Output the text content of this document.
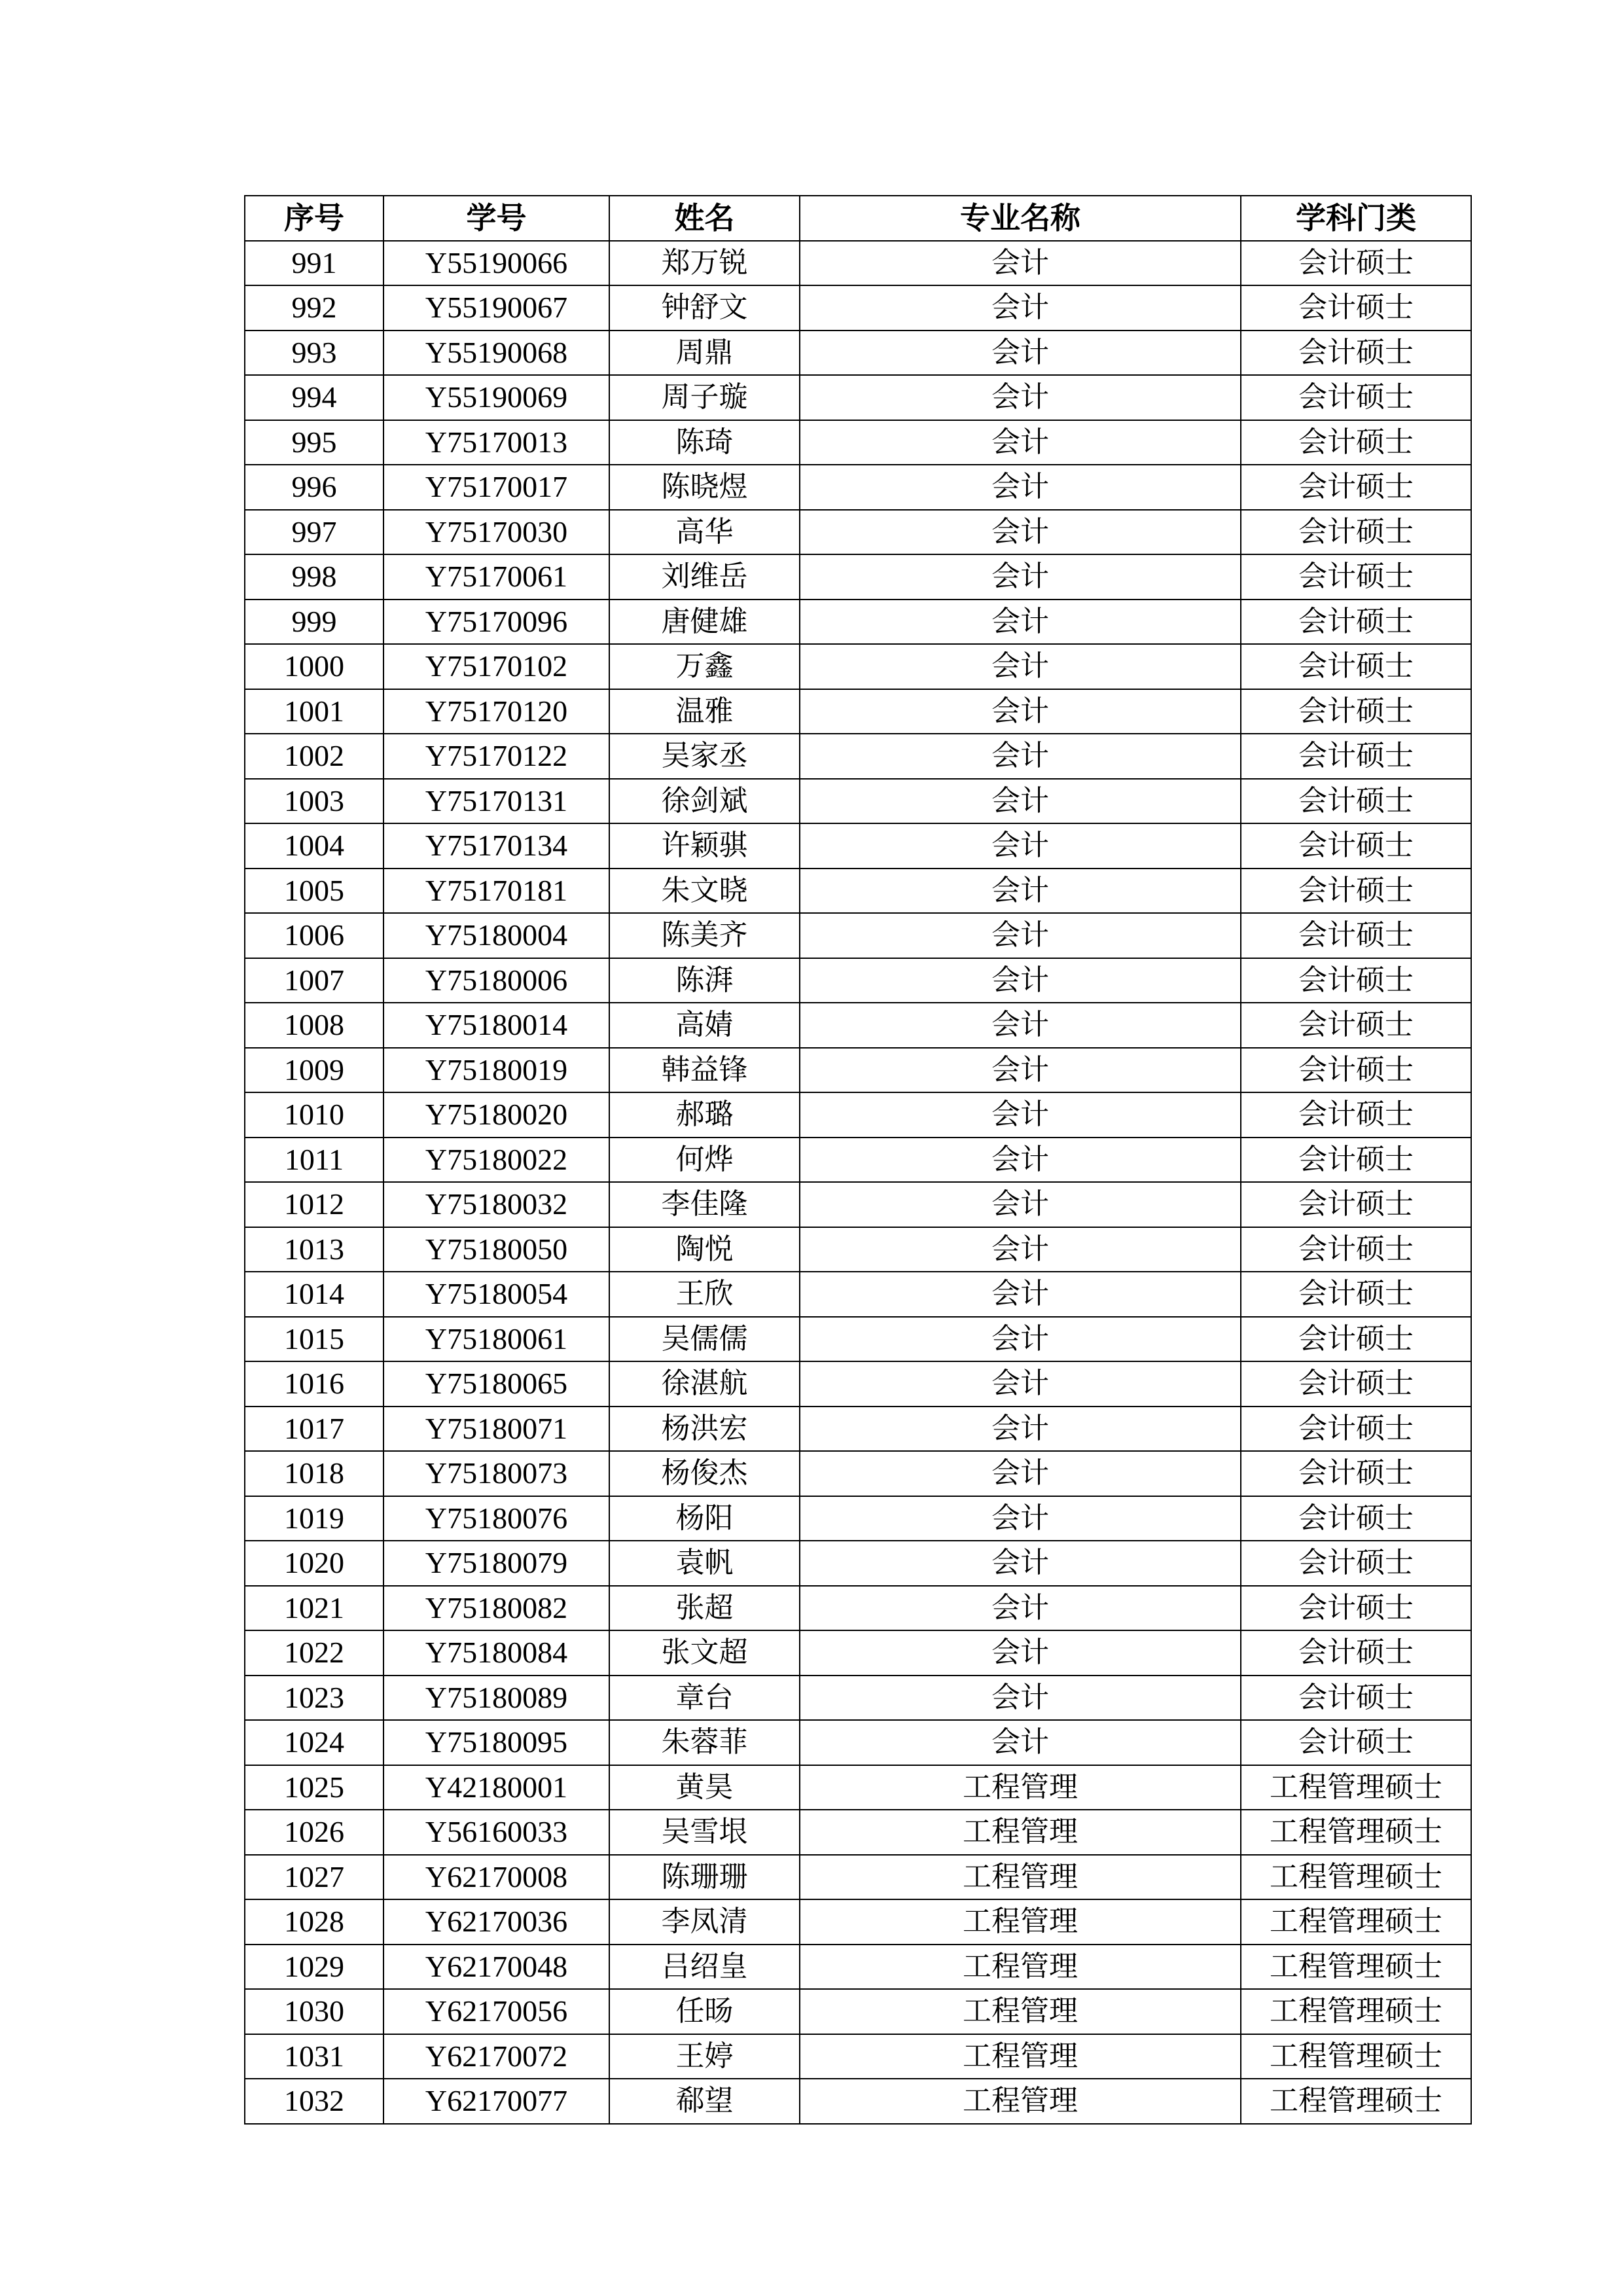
序号	学号	姓名	专业名称	学科门类
991	Y55190066	郑万锐	会计	会计硕士
992	Y55190067	钟舒文	会计	会计硕士
993	Y55190068	周鼎	会计	会计硕士
994	Y55190069	周子璇	会计	会计硕士
995	Y75170013	陈琦	会计	会计硕士
996	Y75170017	陈晓煜	会计	会计硕士
997	Y75170030	高华	会计	会计硕士
998	Y75170061	刘维岳	会计	会计硕士
999	Y75170096	唐健雄	会计	会计硕士
1000	Y75170102	万鑫	会计	会计硕士
1001	Y75170120	温雅	会计	会计硕士
1002	Y75170122	吴家丞	会计	会计硕士
1003	Y75170131	徐剑斌	会计	会计硕士
1004	Y75170134	许颖骐	会计	会计硕士
1005	Y75170181	朱文晓	会计	会计硕士
1006	Y75180004	陈美齐	会计	会计硕士
1007	Y75180006	陈湃	会计	会计硕士
1008	Y75180014	高婧	会计	会计硕士
1009	Y75180019	韩益锋	会计	会计硕士
1010	Y75180020	郝璐	会计	会计硕士
1011	Y75180022	何烨	会计	会计硕士
1012	Y75180032	李佳隆	会计	会计硕士
1013	Y75180050	陶悦	会计	会计硕士
1014	Y75180054	王欣	会计	会计硕士
1015	Y75180061	吴儒儒	会计	会计硕士
1016	Y75180065	徐湛航	会计	会计硕士
1017	Y75180071	杨洪宏	会计	会计硕士
1018	Y75180073	杨俊杰	会计	会计硕士
1019	Y75180076	杨阳	会计	会计硕士
1020	Y75180079	袁帆	会计	会计硕士
1021	Y75180082	张超	会计	会计硕士
1022	Y75180084	张文超	会计	会计硕士
1023	Y75180089	章台	会计	会计硕士
1024	Y75180095	朱蓉菲	会计	会计硕士
1025	Y42180001	黄昊	工程管理	工程管理硕士
1026	Y56160033	吴雪垠	工程管理	工程管理硕士
1027	Y62170008	陈珊珊	工程管理	工程管理硕士
1028	Y62170036	李凤清	工程管理	工程管理硕士
1029	Y62170048	吕绍皇	工程管理	工程管理硕士
1030	Y62170056	任旸	工程管理	工程管理硕士
1031	Y62170072	王婷	工程管理	工程管理硕士
1032	Y62170077	郗望	工程管理	工程管理硕士
